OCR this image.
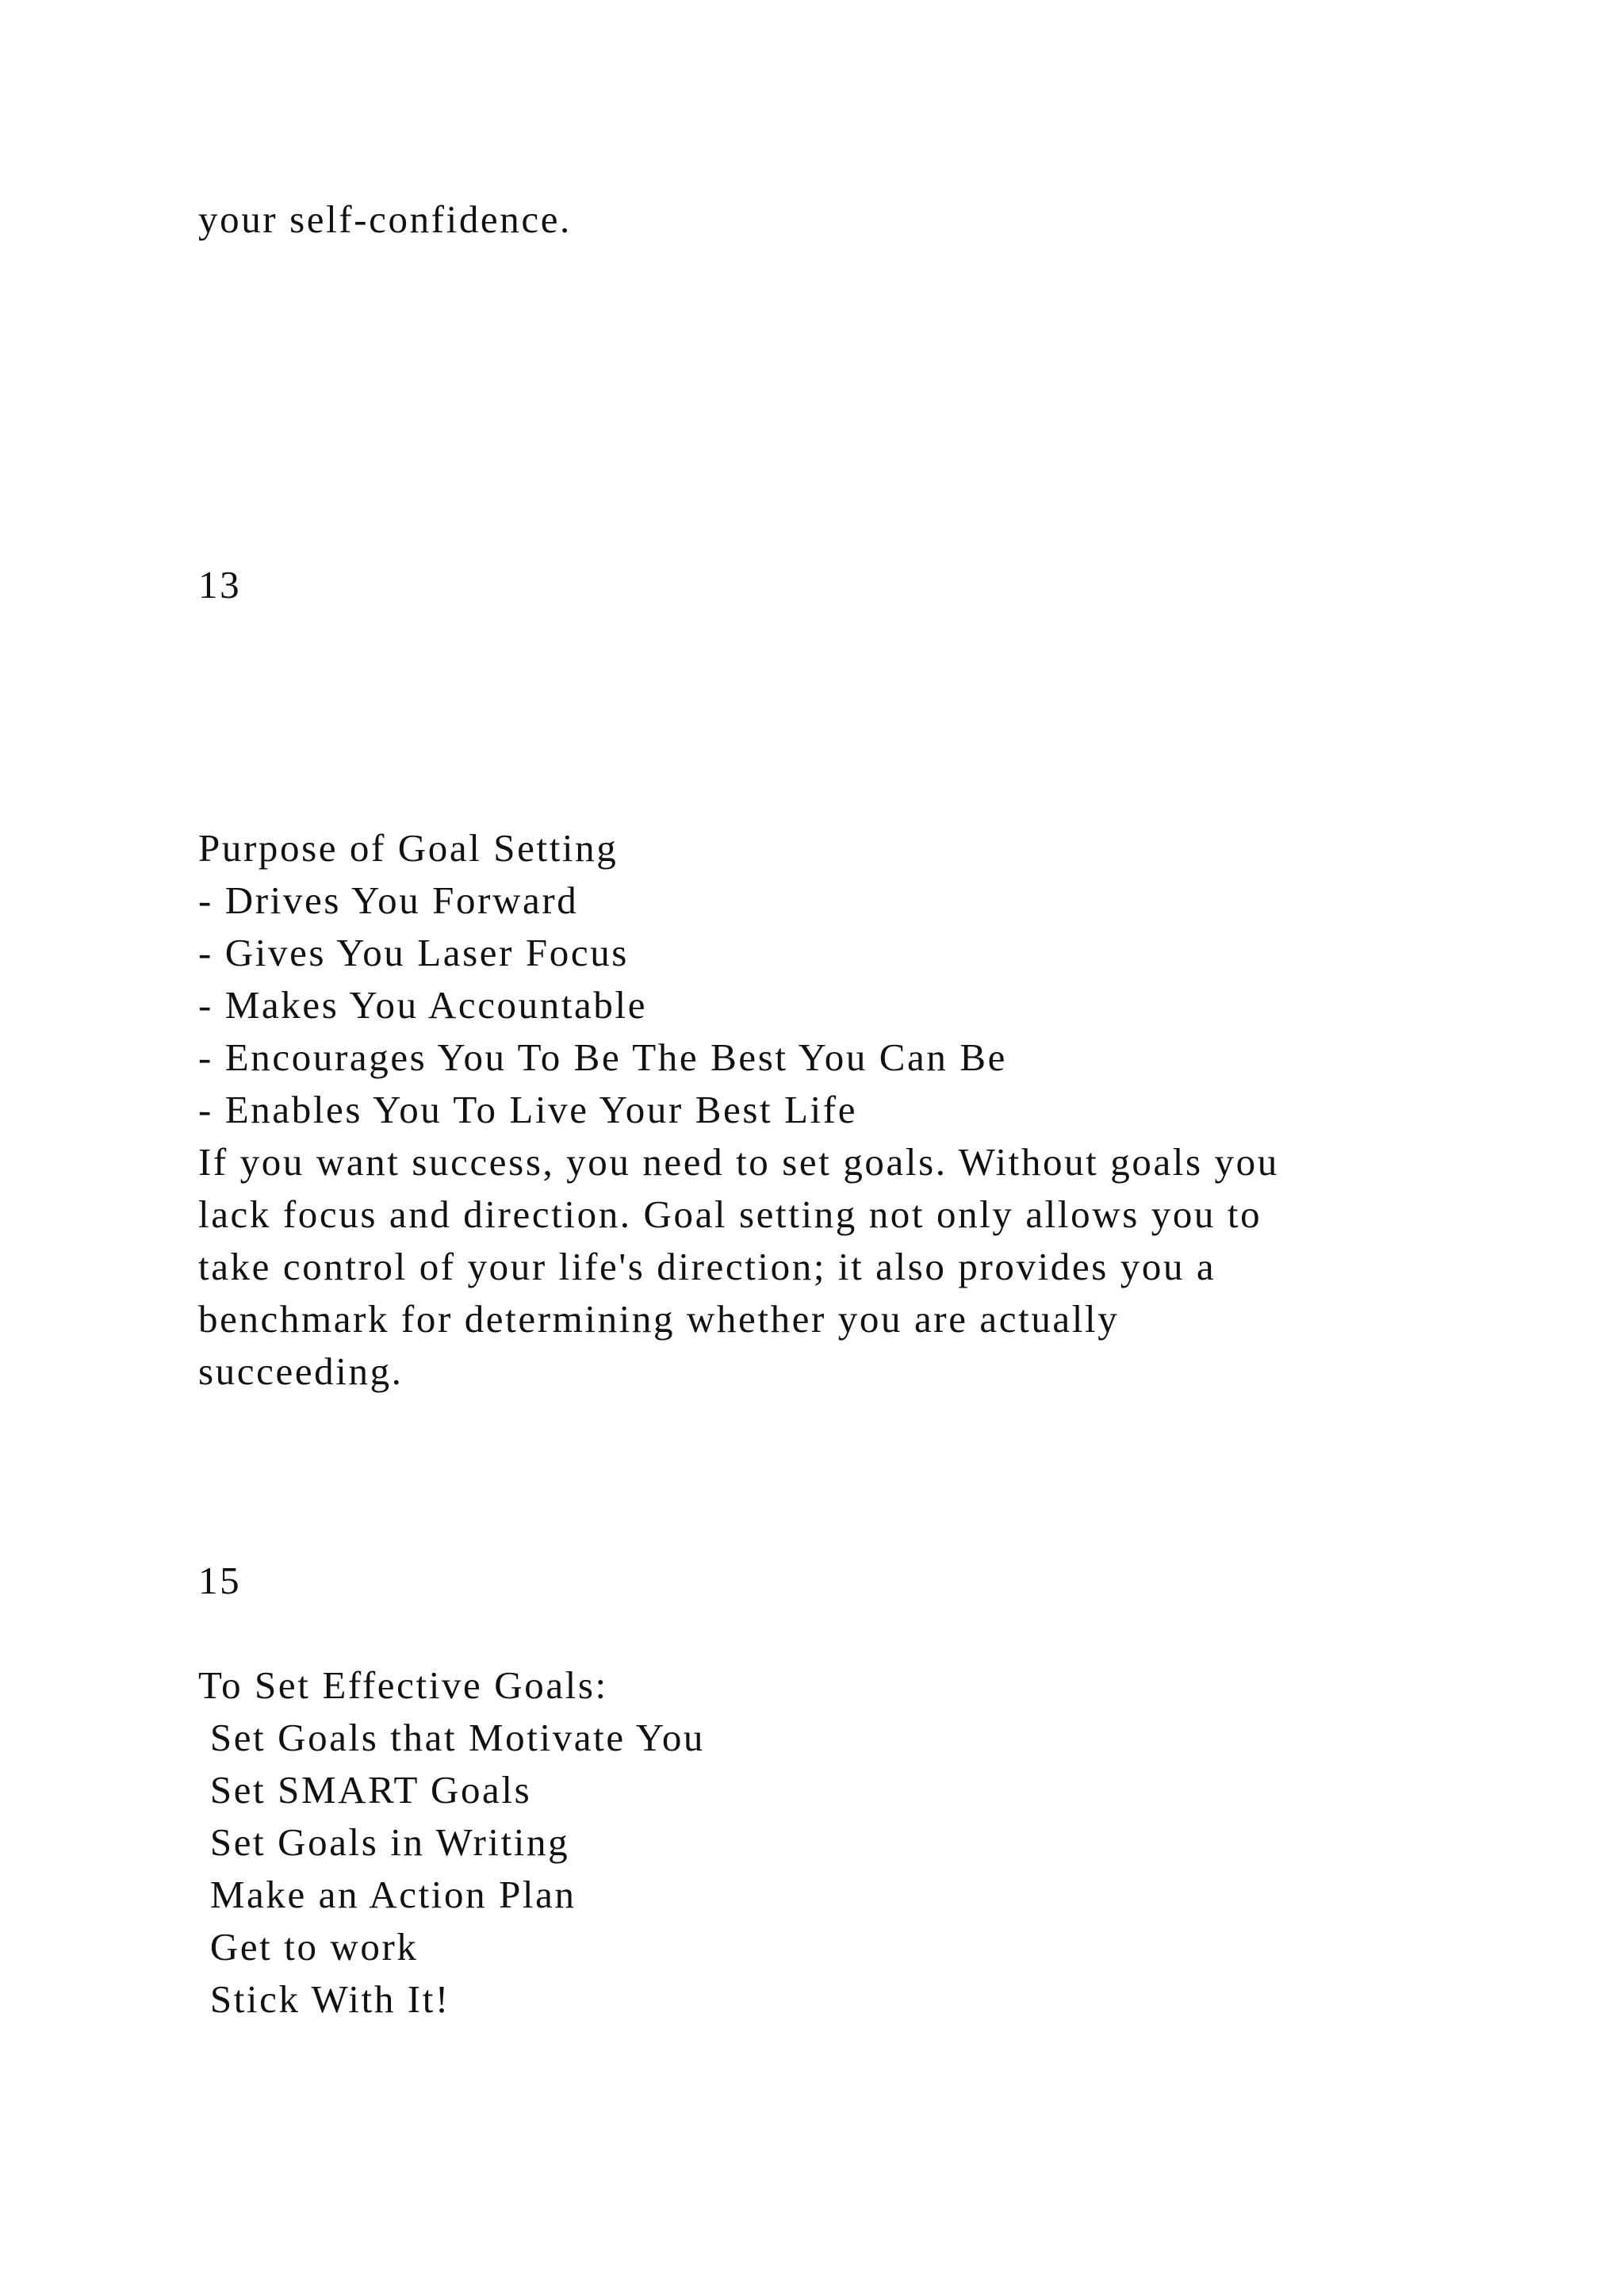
your self-confidence.

13

Purpose of Goal Setting

- Drives You Forward

- Gives You Laser Focus

- Makes You Accountable

- Encourages You To Be The Best You Can Be

- Enables You To Live Your Best Life

If you want success, you need to set goals. Without goals you

lack focus and direction. Goal setting not only allows you to

take control of your life's direction; it also provides you a

benchmark for determining whether you are actually

succeeding.

15

To Set Effective Goals:

Set Goals that Motivate You

Set SMART Goals

Set Goals in Writing

Make an Action Plan

Get to work

Stick With It!
